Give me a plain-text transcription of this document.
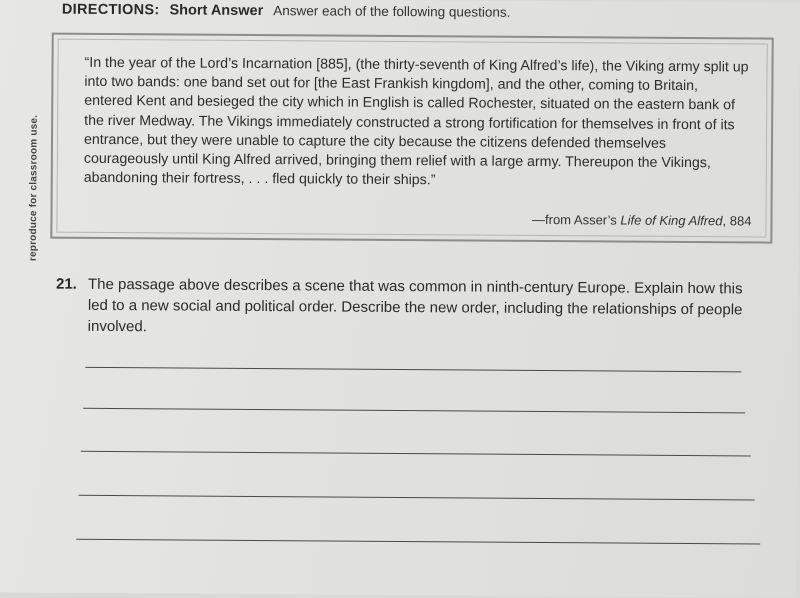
reproduce for classroom use.
DIRECTIONS: Short Answer Answer each of the following questions.

“In the year of the Lord’s Incarnation [885], (the thirty-seventh of King Alfred’s life), the Viking army split up into two bands: one band set out for [the East Frankish kingdom], and the other, coming to Britain, entered Kent and besieged the city which in English is called Rochester, situated on the eastern bank of the river Medway. The Vikings immediately constructed a strong fortification for themselves in front of its entrance, but they were unable to capture the city because the citizens defended themselves courageously until King Alfred arrived, bringing them relief with a large army. Thereupon the Vikings, abandoning their fortress, . . . fled quickly to their ships.”

—from Asser’s Life of King Alfred, 884
21. The passage above describes a scene that was common in ninth-century Europe. Explain how this led to a new social and political order. Describe the new order, including the relationships of people involved.
